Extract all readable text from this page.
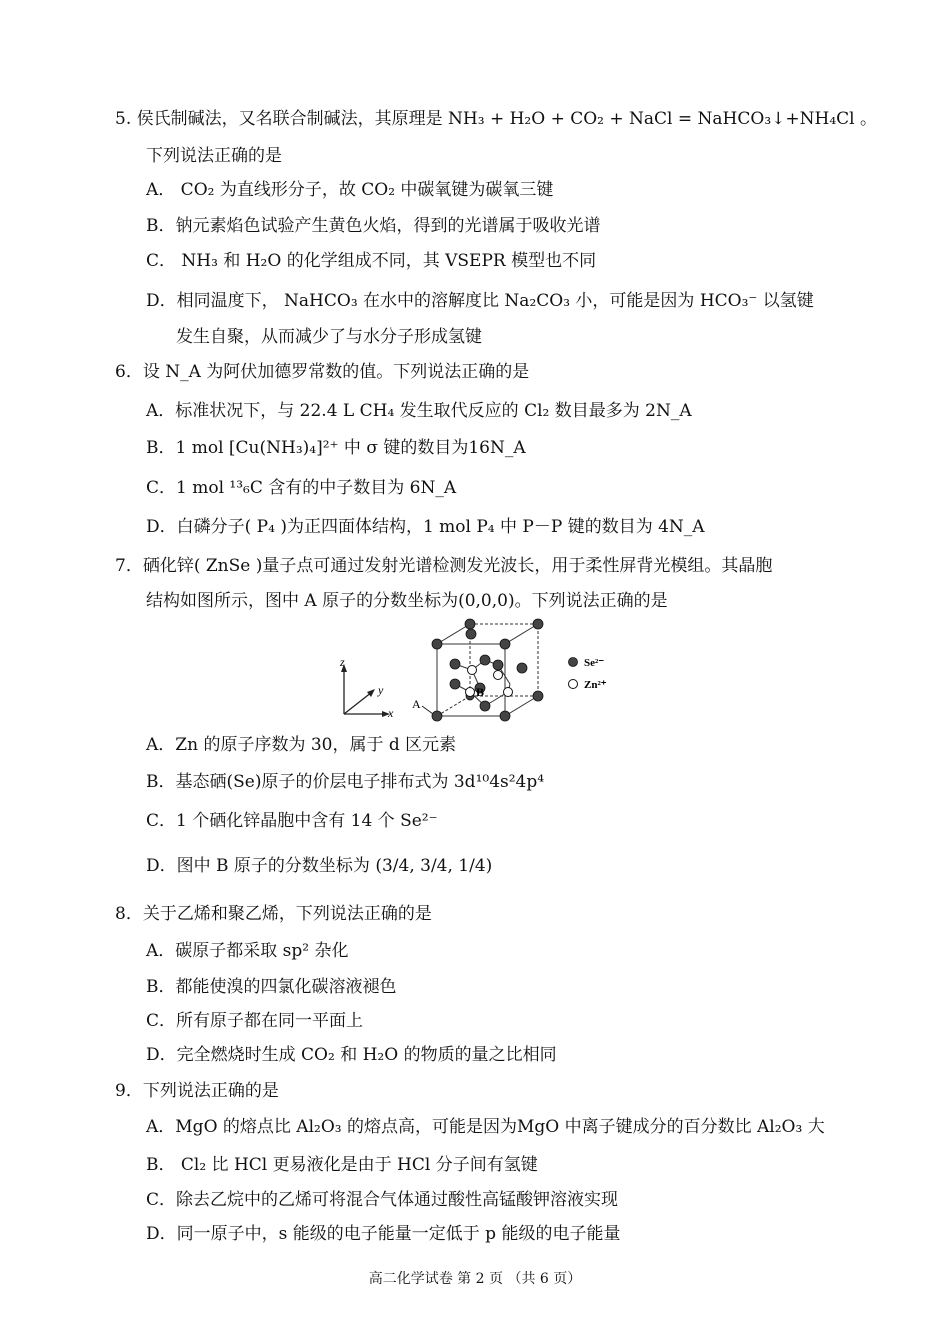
5. 侯氏制碱法，又名联合制碱法，其原理是 NH₃ + H₂O + CO₂ + NaCl = NaHCO₃↓+NH₄Cl 。
下列说法正确的是
A． CO₂ 为直线形分子，故 CO₂ 中碳氧键为碳氧三键
B．钠元素焰色试验产生黄色火焰，得到的光谱属于吸收光谱
C． NH₃ 和 H₂O 的化学组成不同，其 VSEPR 模型也不同
D．相同温度下， NaHCO₃ 在水中的溶解度比 Na₂CO₃ 小，可能是因为 HCO₃⁻ 以氢键
发生自聚，从而减少了与水分子形成氢键
6．设 N_A 为阿伏加德罗常数的值。下列说法正确的是
A．标准状况下，与 22.4 L CH₄ 发生取代反应的 Cl₂ 数目最多为 2N_A
B．1 mol [Cu(NH₃)₄]²⁺ 中 σ 键的数目为16N_A
C．1 mol ¹³₆C 含有的中子数目为 6N_A
D．白磷分子( P₄ )为正四面体结构，1 mol P₄ 中 P－P 键的数目为 4N_A
7．硒化锌( ZnSe )量子点可通过发射光谱检测发光波长，用于柔性屏背光模组。其晶胞
结构如图所示，图中 A 原子的分数坐标为(0,0,0)。下列说法正确的是
z
y
x
B
A
Se²⁻
Zn²⁺
A．Zn 的原子序数为 30，属于 d 区元素
B．基态硒(Se)原子的价层电子排布式为 3d¹⁰4s²4p⁴
C．1 个硒化锌晶胞中含有 14 个 Se²⁻
D．图中 B 原子的分数坐标为 (3/4, 3/4, 1/4)
8．关于乙烯和聚乙烯，下列说法正确的是
A．碳原子都采取 sp² 杂化
B．都能使溴的四氯化碳溶液褪色
C．所有原子都在同一平面上
D．完全燃烧时生成 CO₂ 和 H₂O 的物质的量之比相同
9．下列说法正确的是
A．MgO 的熔点比 Al₂O₃ 的熔点高，可能是因为MgO 中离子键成分的百分数比 Al₂O₃ 大
B． Cl₂ 比 HCl 更易液化是由于 HCl 分子间有氢键
C．除去乙烷中的乙烯可将混合气体通过酸性高锰酸钾溶液实现
D．同一原子中，s 能级的电子能量一定低于 p 能级的电子能量
高二化学试卷 第 2 页 （共 6 页）
